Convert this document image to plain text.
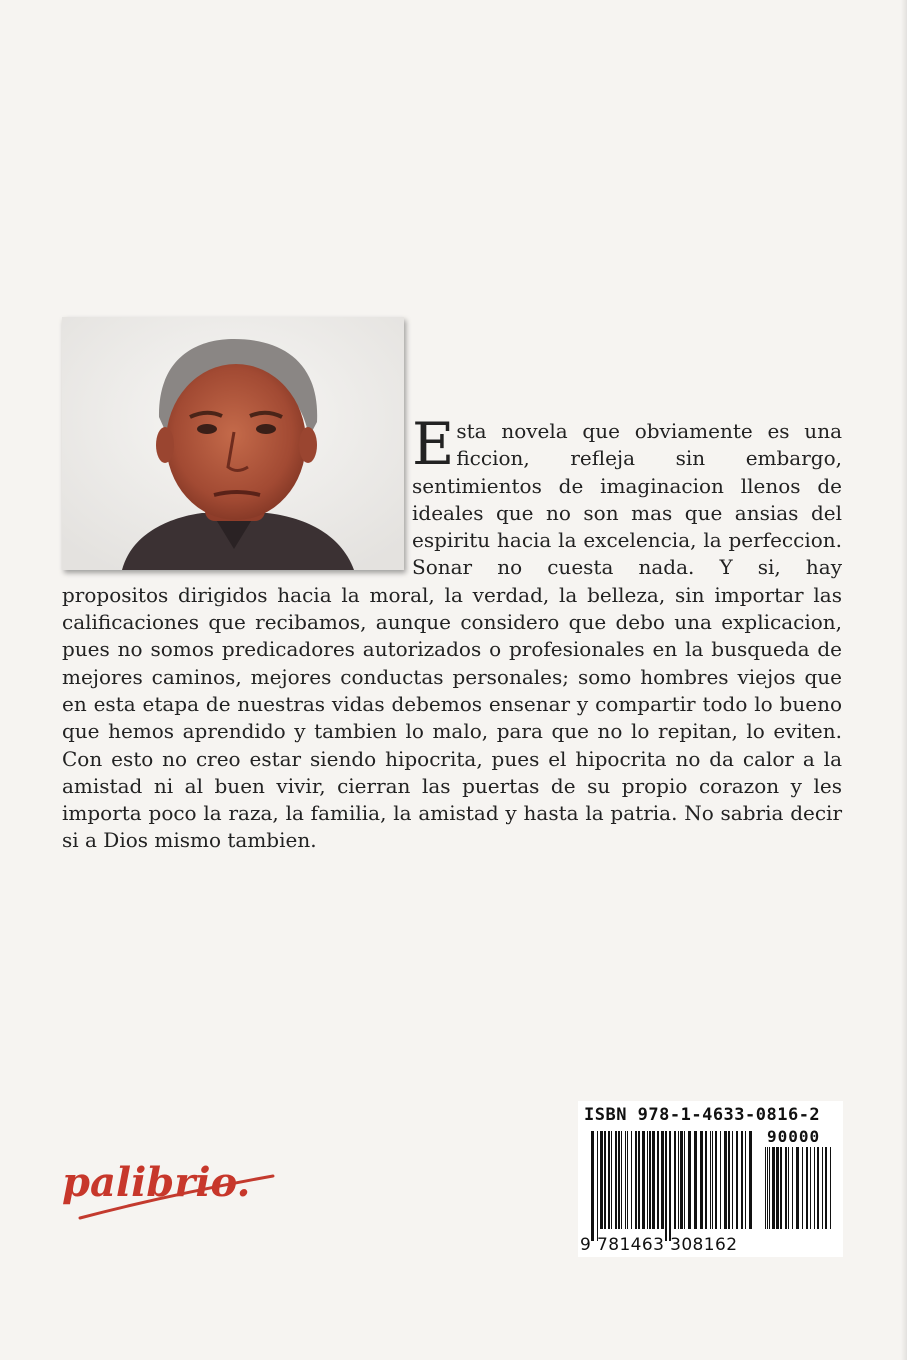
E sta novela que obviamente es una ficcion, refleja sin embargo, sentimientos de imaginacion llenos de ideales que no son mas que ansias del espiritu hacia la excelencia, la perfeccion. Sonar no cuesta nada. Y si, hay propositos dirigidos hacia la moral, la verdad, la belleza, sin importar las calificaciones que recibamos, aunque considero que debo una explicacion, pues no somos predicadores autorizados o profesionales en la busqueda de mejores caminos, mejores conductas personales; somo hombres viejos que en esta etapa de nuestras vidas debemos ensenar y compartir todo lo bueno que hemos aprendido y tambien lo malo, para que no lo repitan, lo eviten. Con esto no creo estar siendo hipocrita, pues el hipocrita no da calor a la amistad ni al buen vivir, cierran las puertas de su propio corazon y les importa poco la raza, la familia, la amistad y hasta la patria. No sabria decir si a Dios mismo tambien.

palibrio.

ISBN 978-1-4633-0816-2

90000

9 781463 308162
